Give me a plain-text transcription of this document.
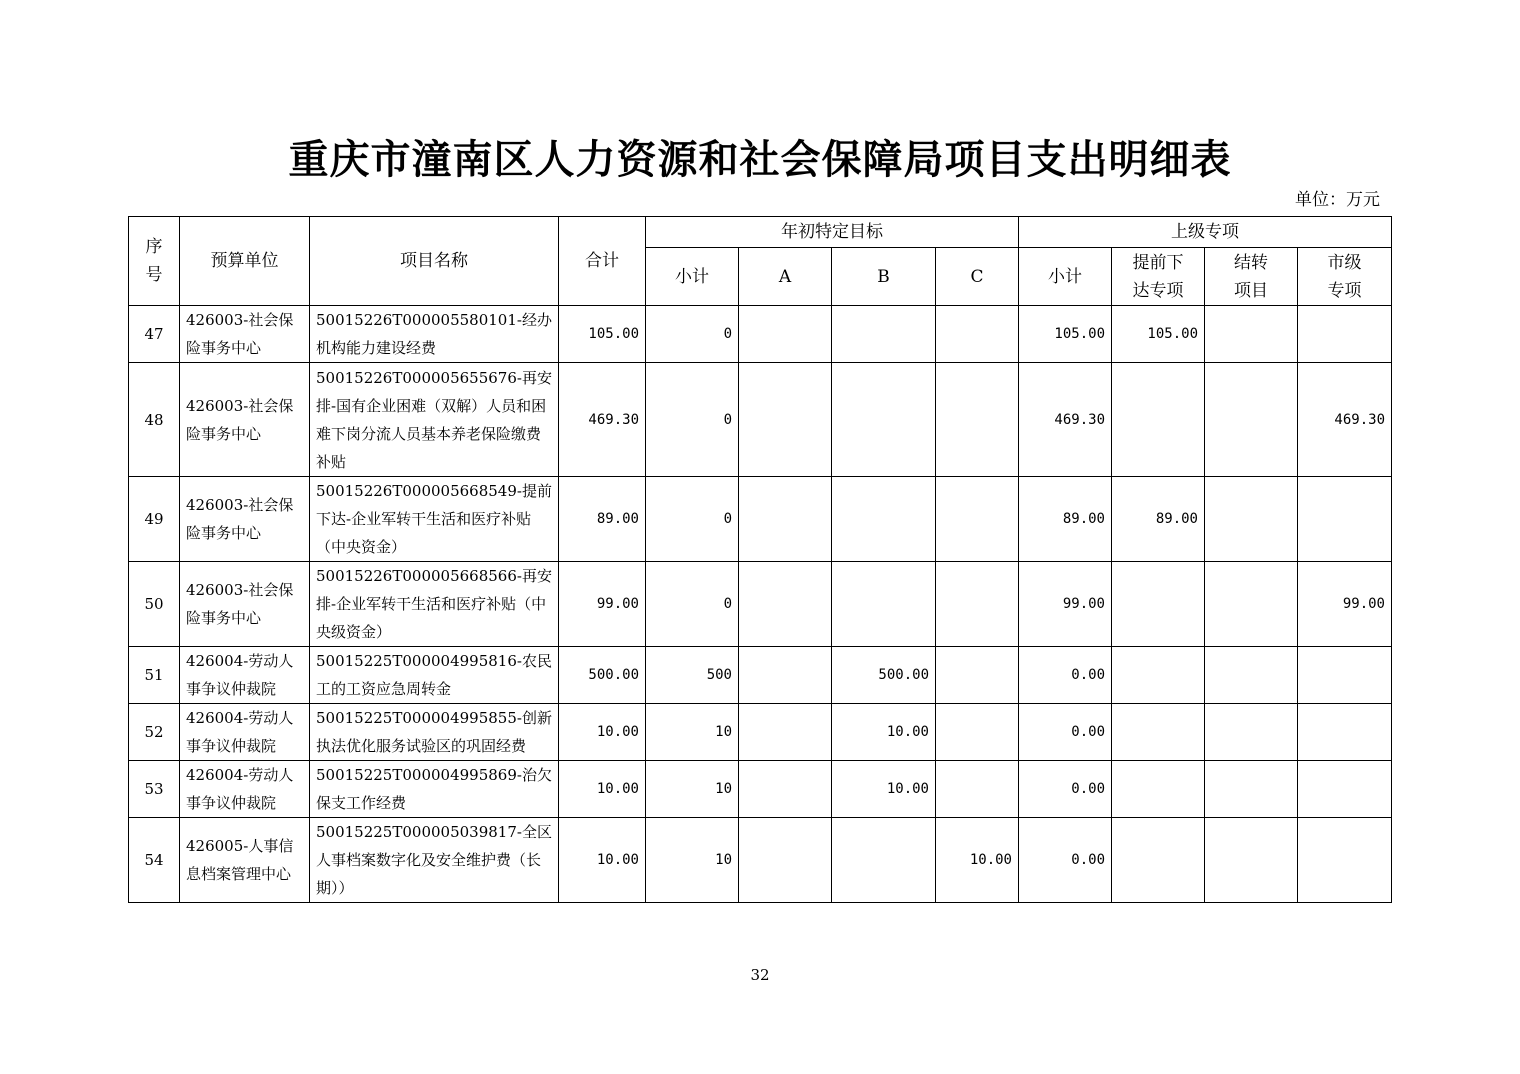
重庆市潼南区人力资源和社会保障局项目支出明细表
单位：万元
序号	预算单位	项目名称	合计	年初特定目标				上级专项			
				小计	A	B	C	小计	提前下达专项	结转项目	市级专项
47	426003-社会保险事务中心	50015226T000005580101-经办机构能力建设经费	105.00	0				105.00	105.00		
48	426003-社会保险事务中心	50015226T000005655676-再安排-国有企业困难（双解）人员和困难下岗分流人员基本养老保险缴费补贴	469.30	0				469.30			469.30
49	426003-社会保险事务中心	50015226T000005668549-提前下达-企业军转干生活和医疗补贴（中央资金）	89.00	0				89.00	89.00		
50	426003-社会保险事务中心	50015226T000005668566-再安排-企业军转干生活和医疗补贴（中央级资金）	99.00	0				99.00			99.00
51	426004-劳动人事争议仲裁院	50015225T000004995816-农民工的工资应急周转金	500.00	500		500.00		0.00			
52	426004-劳动人事争议仲裁院	50015225T000004995855-创新执法优化服务试验区的巩固经费	10.00	10		10.00		0.00			
53	426004-劳动人事争议仲裁院	50015225T000004995869-治欠保支工作经费	10.00	10		10.00		0.00			
54	426005-人事信息档案管理中心	50015225T000005039817-全区人事档案数字化及安全维护费（长期））	10.00	10			10.00	0.00			
32
